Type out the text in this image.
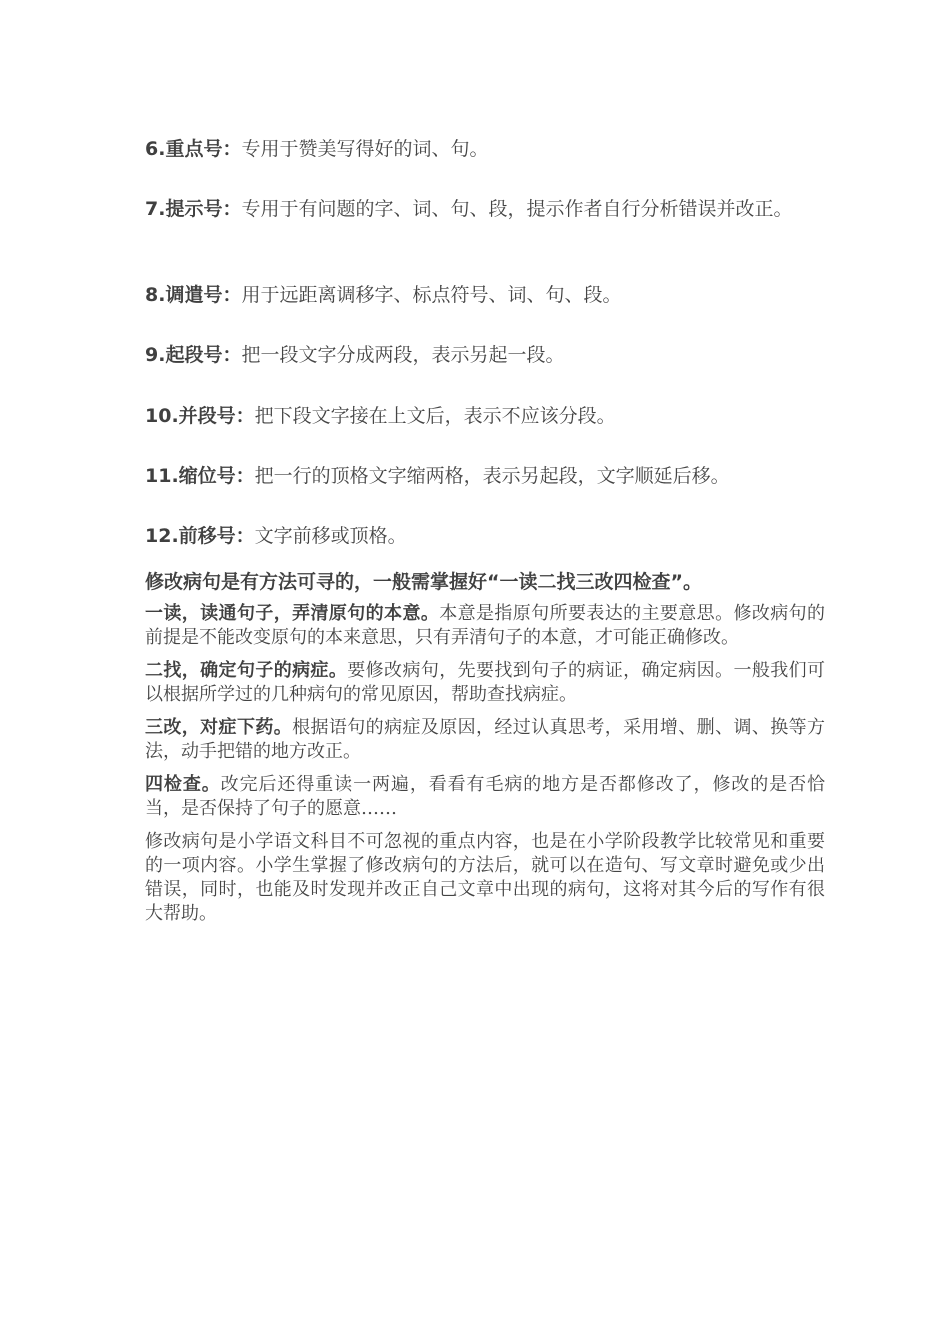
6.重点号：专用于赞美写得好的词、句。
7.提示号：专用于有问题的字、词、句、段，提示作者自行分析错误并改正。
8.调遣号：用于远距离调移字、标点符号、词、句、段。
9.起段号：把一段文字分成两段，表示另起一段。
10.并段号：把下段文字接在上文后，表示不应该分段。
11.缩位号：把一行的顶格文字缩两格，表示另起段，文字顺延后移。
12.前移号：文字前移或顶格。
修改病句是有方法可寻的，一般需掌握好“一读二找三改四检查”。
一读，读通句子，弄清原句的本意。本意是指原句所要表达的主要意思。修改病句的前提是不能改变原句的本来意思，只有弄清句子的本意，才可能正确修改。
二找，确定句子的病症。要修改病句，先要找到句子的病证，确定病因。一般我们可以根据所学过的几种病句的常见原因，帮助查找病症。
三改，对症下药。根据语句的病症及原因，经过认真思考，采用增、删、调、换等方法，动手把错的地方改正。
四检查。改完后还得重读一两遍，看看有毛病的地方是否都修改了，修改的是否恰当，是否保持了句子的愿意……
修改病句是小学语文科目不可忽视的重点内容，也是在小学阶段教学比较常见和重要的一项内容。小学生掌握了修改病句的方法后，就可以在造句、写文章时避免或少出错误，同时，也能及时发现并改正自己文章中出现的病句，这将对其今后的写作有很大帮助。
